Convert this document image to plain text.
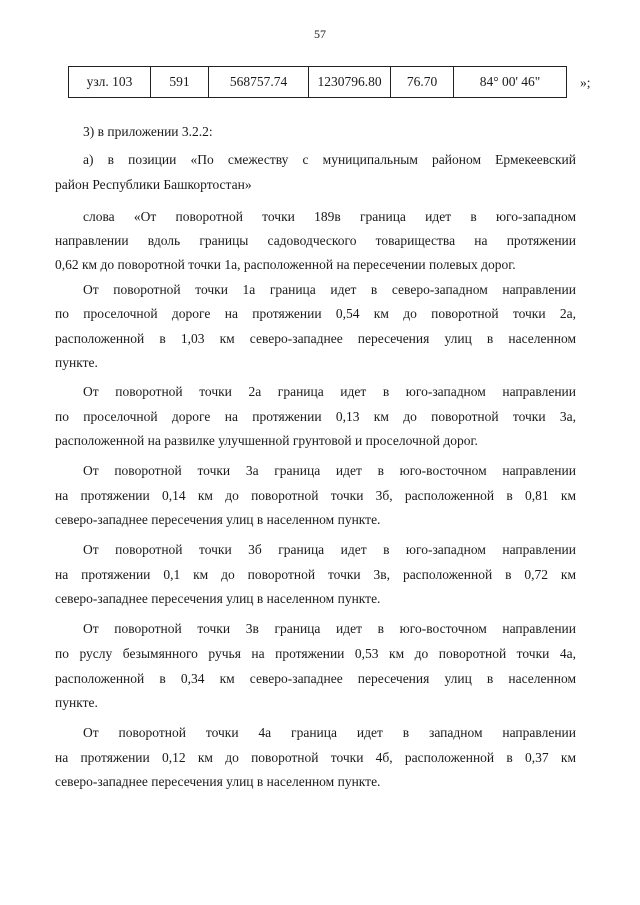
57
узл. 103	591	568757.74	1230796.80	76.70	84° 00' 46"	»;
3) в приложении 3.2.2:
а) в позиции «По смежеству с муниципальным районом Ермекеевский
район Республики Башкортостан»
слова «От поворотной точки 189в граница идет в юго-западном
направлении вдоль границы садоводческого товарищества на протяжении
0,62 км до поворотной точки 1а, расположенной на пересечении полевых дорог.
От поворотной точки 1а граница идет в северо-западном направлении
по проселочной дороге на протяжении 0,54 км до поворотной точки 2а,
расположенной в 1,03 км северо-западнее пересечения улиц в населенном
пункте.
От поворотной точки 2а граница идет в юго-западном направлении
по проселочной дороге на протяжении 0,13 км до поворотной точки 3а,
расположенной на развилке улучшенной грунтовой и проселочной дорог.
От поворотной точки 3а граница идет в юго-восточном направлении
на протяжении 0,14 км до поворотной точки 3б, расположенной в 0,81 км
северо-западнее пересечения улиц в населенном пункте.
От поворотной точки 3б граница идет в юго-западном направлении
на протяжении 0,1 км до поворотной точки 3в, расположенной в 0,72 км
северо-западнее пересечения улиц в населенном пункте.
От поворотной точки 3в граница идет в юго-восточном направлении
по руслу безымянного ручья на протяжении 0,53 км до поворотной точки 4а,
расположенной в 0,34 км северо-западнее пересечения улиц в населенном
пункте.
От поворотной точки 4а граница идет в западном направлении
на протяжении 0,12 км до поворотной точки 4б, расположенной в 0,37 км
северо-западнее пересечения улиц в населенном пункте.
